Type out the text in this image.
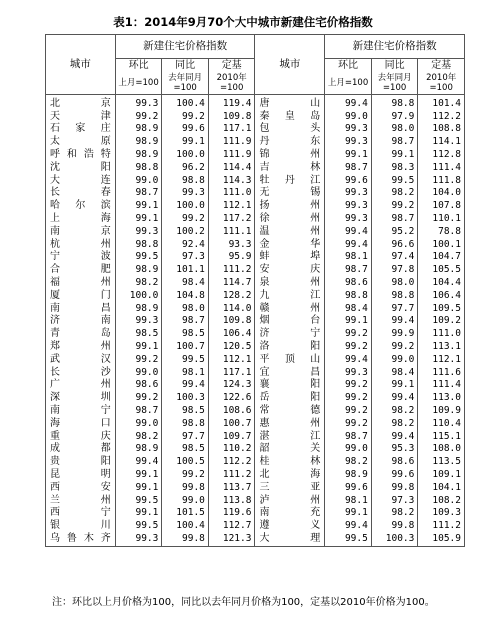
表1：2014年9月70个大中城市新建住宅价格指数
城市	新建住宅价格指数			城市	新建住宅价格指数		
	环比	同比	定基		环比	同比	定基
	上月=100	去年同月=100	2010年=100		上月=100	去年同月=100	2010年=100
北　　京	99.3	100.4	119.4	唐　　山	99.4	98.8	101.4
天　　津	99.2	99.2	109.8	秦 皇 岛	99.0	97.9	112.2
石 家 庄	98.9	99.6	117.1	包　　头	99.3	98.0	108.8
太　　原	98.9	99.1	111.9	丹　　东	99.3	98.7	114.1
呼和浩特	98.9	100.0	111.9	锦　　州	99.1	99.1	112.8
沈　　阳	98.8	96.2	114.4	吉　　林	98.7	98.3	111.4
大　　连	99.0	98.8	114.3	牡 丹 江	99.6	99.5	111.8
长　　春	98.7	99.3	111.0	无　　锡	99.3	98.2	104.0
哈 尔 滨	99.1	100.0	112.1	扬　　州	99.3	99.2	107.8
上　　海	99.1	99.2	117.2	徐　　州	99.3	98.7	110.1
南　　京	99.3	100.2	111.1	温　　州	99.4	95.2	78.8
杭　　州	98.8	92.4	93.3	金　　华	99.4	96.6	100.1
宁　　波	99.5	97.3	95.9	蚌　　埠	98.1	97.4	104.7
合　　肥	98.9	101.1	111.2	安　　庆	98.7	97.8	105.5
福　　州	98.2	98.4	114.7	泉　　州	98.6	98.0	104.4
厦　　门	100.0	104.8	128.2	九　　江	98.8	98.8	106.4
南　　昌	98.9	98.0	114.0	赣　　州	98.4	97.7	109.5
济　　南	99.3	98.7	109.8	烟　　台	99.1	99.4	109.2
青　　岛	98.5	98.5	106.4	济　　宁	99.2	99.9	111.0
郑　　州	99.1	100.7	120.5	洛　　阳	99.2	99.2	113.1
武　　汉	99.2	99.5	112.1	平 顶 山	99.4	99.0	112.1
长　　沙	99.0	98.1	117.1	宜　　昌	99.3	98.4	111.6
广　　州	98.6	99.4	124.3	襄　　阳	99.2	99.1	111.4
深　　圳	99.2	100.3	122.6	岳　　阳	99.2	99.4	113.0
南　　宁	98.7	98.5	108.6	常　　德	99.2	98.2	109.9
海　　口	99.0	98.8	100.7	惠　　州	99.2	98.2	110.4
重　　庆	98.2	97.7	109.7	湛　　江	98.7	99.4	115.1
成　　都	98.9	98.5	110.2	韶　　关	99.0	95.3	108.0
贵　　阳	99.4	100.5	112.2	桂　　林	98.2	98.6	113.5
昆　　明	99.1	99.2	111.2	北　　海	98.9	99.6	109.1
西　　安	99.1	99.8	113.7	三　　亚	99.6	99.8	104.1
兰　　州	99.5	99.0	113.8	泸　　州	98.1	97.3	108.2
西　　宁	99.1	101.5	119.6	南　　充	99.1	98.2	109.3
银　　川	99.5	100.4	112.7	遵　　义	99.4	99.8	111.2
乌鲁木齐	99.3	99.8	121.3	大　　理	99.5	100.3	105.9
注：环比以上月价格为100，同比以去年同月价格为100，定基以2010年价格为100。
